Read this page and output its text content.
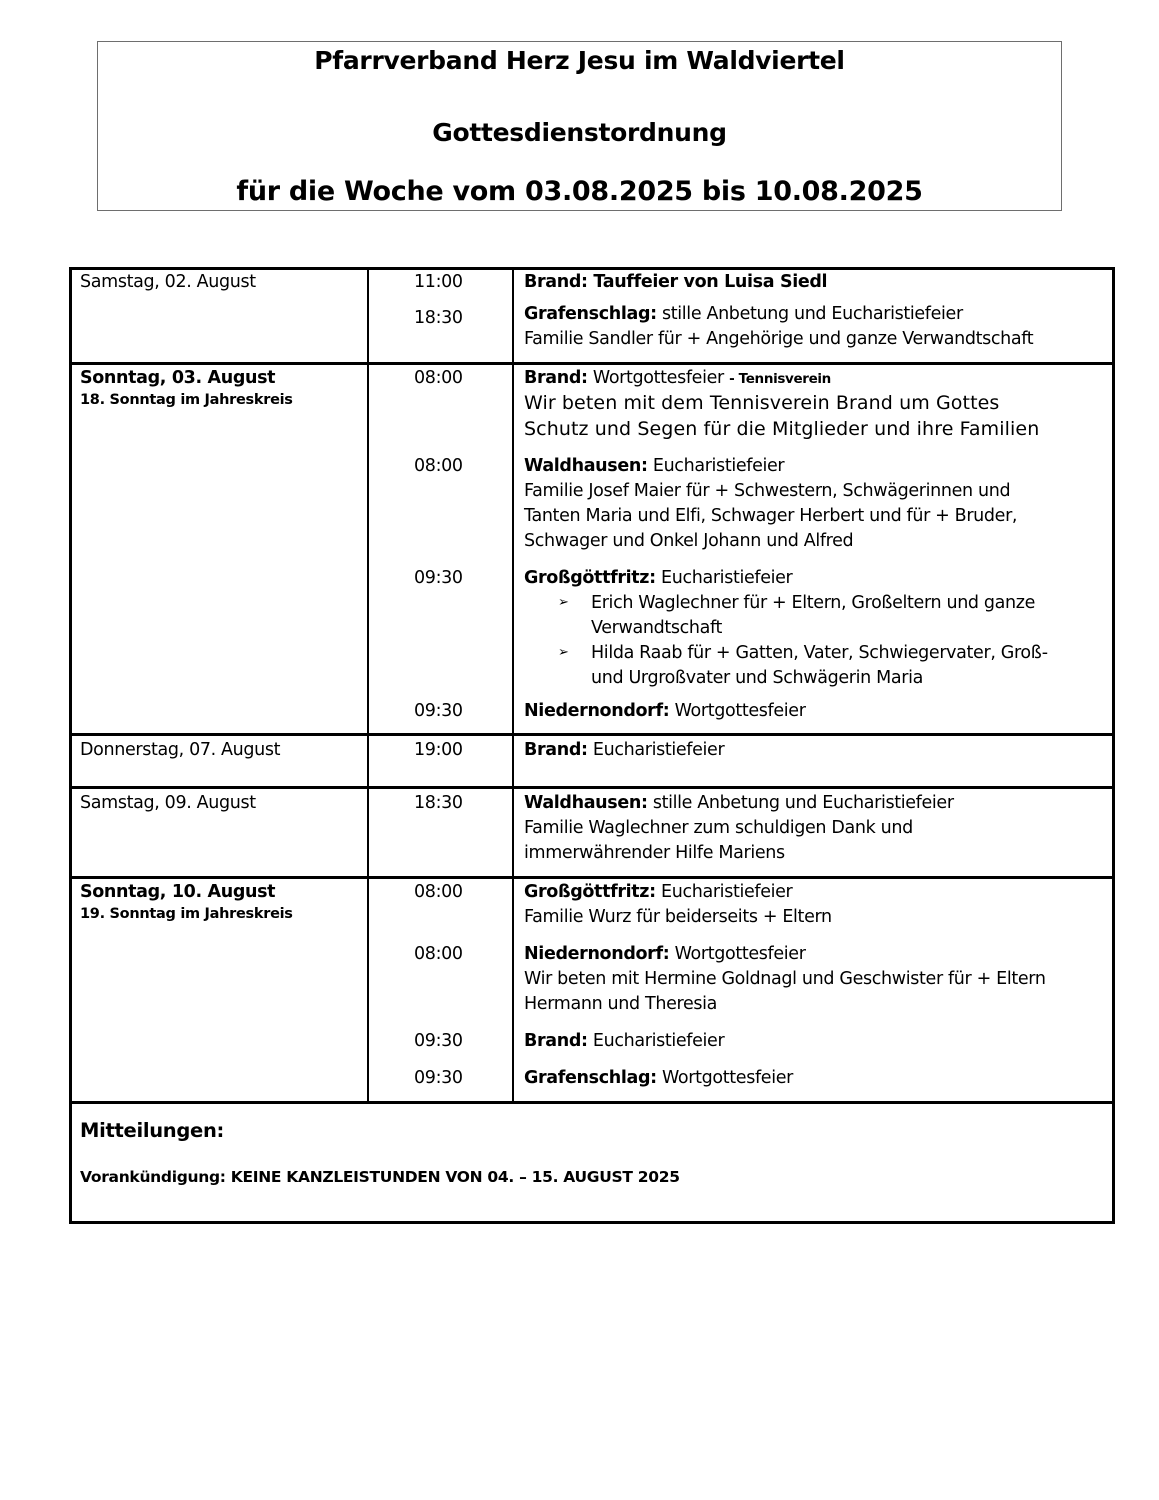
Pfarrverband Herz Jesu im Waldviertel
Gottesdienstordnung
für die Woche vom 03.08.2025 bis 10.08.2025
Samstag, 02. August	11:00	Brand: Tauffeier von Luisa Siedl
18:30	Grafenschlag: stille Anbetung und Eucharistiefeier
Familie Sandler für + Angehörige und ganze Verwandtschaft
Sonntag, 03. August
18. Sonntag im Jahreskreis
08:00	Brand: Wortgottesfeier - Tennisverein
Wir beten mit dem Tennisverein Brand um Gottes
Schutz und Segen für die Mitglieder und ihre Familien
08:00	Waldhausen: Eucharistiefeier
Familie Josef Maier für + Schwestern, Schwägerinnen und
Tanten Maria und Elfi, Schwager Herbert und für + Bruder,
Schwager und Onkel Johann und Alfred
09:30	Großgöttfritz: Eucharistiefeier
➢ Erich Waglechner für + Eltern, Großeltern und ganze
Verwandtschaft
➢ Hilda Raab für + Gatten, Vater, Schwiegervater, Groß-
und Urgroßvater und Schwägerin Maria
09:30	Niedernondorf: Wortgottesfeier
Donnerstag, 07. August	19:00	Brand: Eucharistiefeier
Samstag, 09. August	18:30	Waldhausen: stille Anbetung und Eucharistiefeier
Familie Waglechner zum schuldigen Dank und
immerwährender Hilfe Mariens
Sonntag, 10. August
19. Sonntag im Jahreskreis
08:00	Großgöttfritz: Eucharistiefeier
Familie Wurz für beiderseits + Eltern
08:00	Niedernondorf: Wortgottesfeier
Wir beten mit Hermine Goldnagl und Geschwister für + Eltern
Hermann und Theresia
09:30	Brand: Eucharistiefeier
09:30	Grafenschlag: Wortgottesfeier
Mitteilungen:
Vorankündigung: KEINE KANZLEISTUNDEN VON 04. – 15. AUGUST 2025
